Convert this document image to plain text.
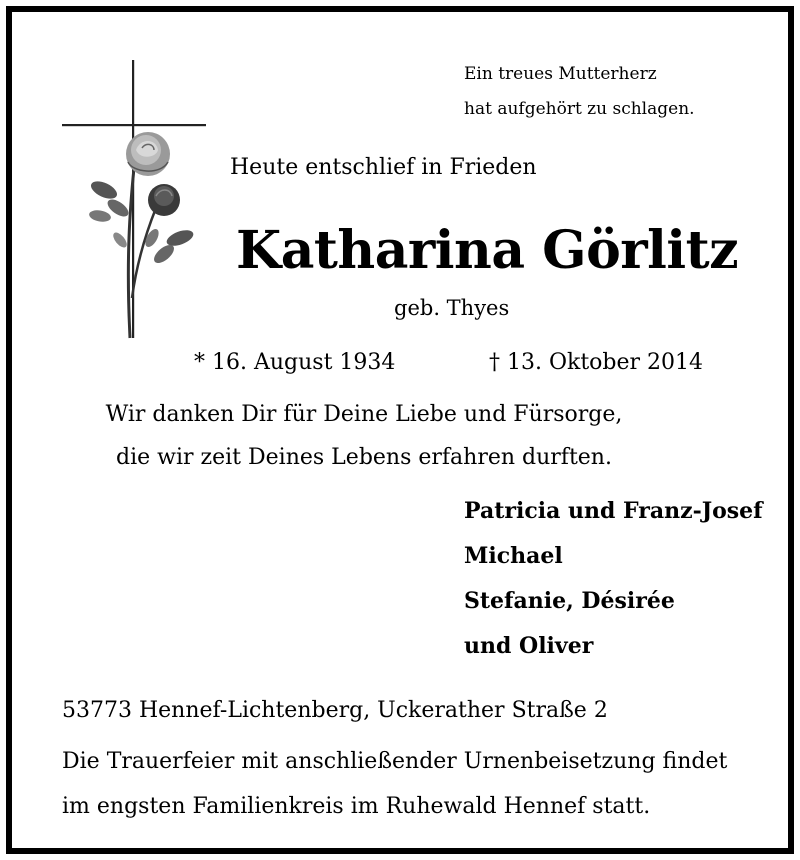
Ein treues Mutterherz

hat aufgehört zu schlagen.

Heute entschlief in Frieden

Katharina Görlitz

geb. Thyes

* 16. August 1934	† 13. Oktober 2014

Wir danken Dir für Deine Liebe und Fürsorge,

die wir zeit Deines Lebens erfahren durften.

Patricia und Franz-Josef

Michael

Stefanie, Désirée

und Oliver

53773 Hennef-Lichtenberg, Uckerather Straße 2

Die Trauerfeier mit anschließender Urnenbeisetzung findet

im engsten Familienkreis im Ruhewald Hennef statt.
